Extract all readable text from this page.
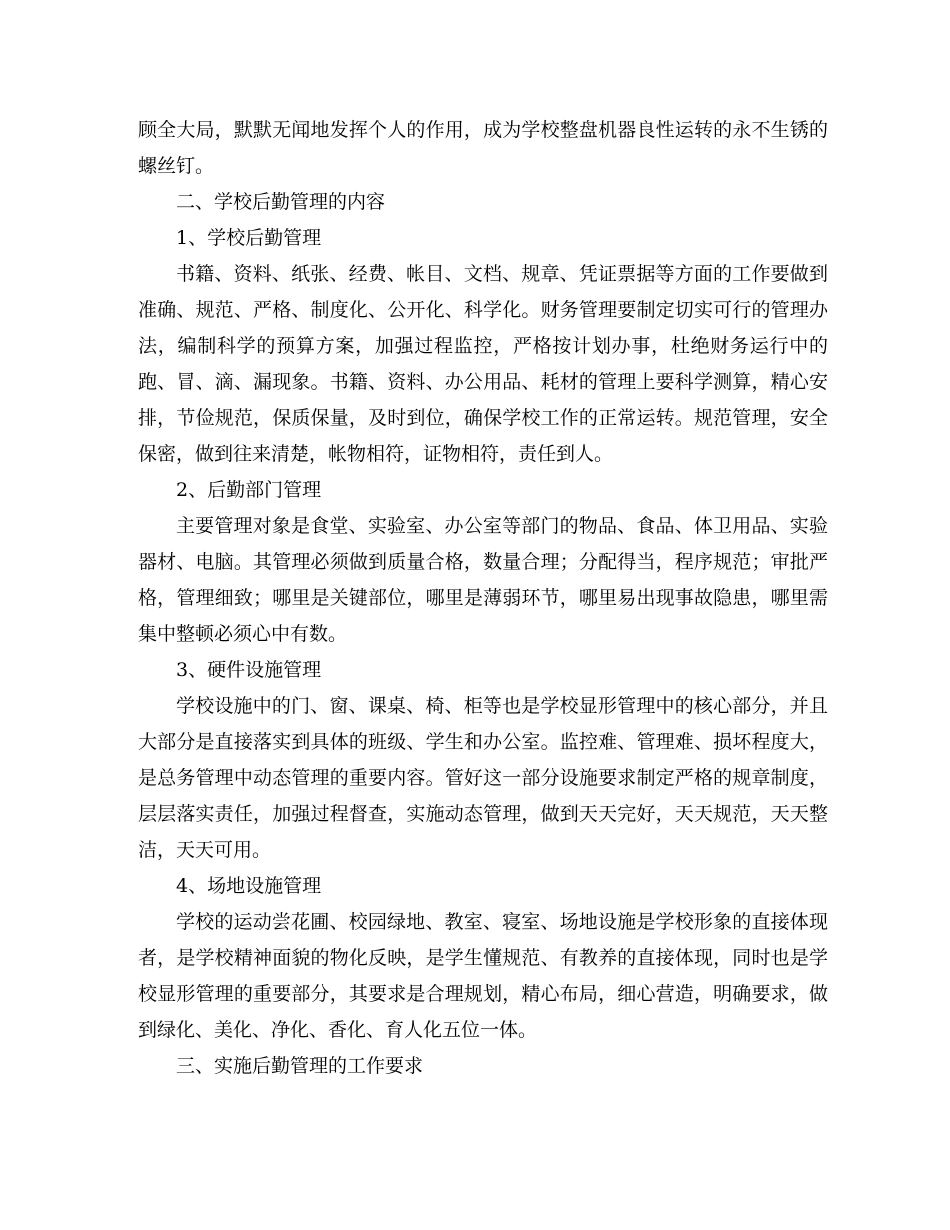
顾全大局，默默无闻地发挥个人的作用，成为学校整盘机器良性运转的永不生锈的螺丝钉。

二、学校后勤管理的内容

1、学校后勤管理

书籍、资料、纸张、经费、帐目、文档、规章、凭证票据等方面的工作要做到准确、规范、严格、制度化、公开化、科学化。财务管理要制定切实可行的管理办法，编制科学的预算方案，加强过程监控，严格按计划办事，杜绝财务运行中的跑、冒、滴、漏现象。书籍、资料、办公用品、耗材的管理上要科学测算，精心安排，节俭规范，保质保量，及时到位，确保学校工作的正常运转。规范管理，安全保密，做到往来清楚，帐物相符，证物相符，责任到人。

2、后勤部门管理

主要管理对象是食堂、实验室、办公室等部门的物品、食品、体卫用品、实验器材、电脑。其管理必须做到质量合格，数量合理；分配得当，程序规范；审批严格，管理细致；哪里是关键部位，哪里是薄弱环节，哪里易出现事故隐患，哪里需集中整顿必须心中有数。

3、硬件设施管理

学校设施中的门、窗、课桌、椅、柜等也是学校显形管理中的核心部分，并且大部分是直接落实到具体的班级、学生和办公室。监控难、管理难、损坏程度大，是总务管理中动态管理的重要内容。管好这一部分设施要求制定严格的规章制度，层层落实责任，加强过程督查，实施动态管理，做到天天完好，天天规范，天天整洁，天天可用。

4、场地设施管理

学校的运动尝花圃、校园绿地、教室、寝室、场地设施是学校形象的直接体现者，是学校精神面貌的物化反映，是学生懂规范、有教养的直接体现，同时也是学校显形管理的重要部分，其要求是合理规划，精心布局，细心营造，明确要求，做到绿化、美化、净化、香化、育人化五位一体。

三、实施后勤管理的工作要求
